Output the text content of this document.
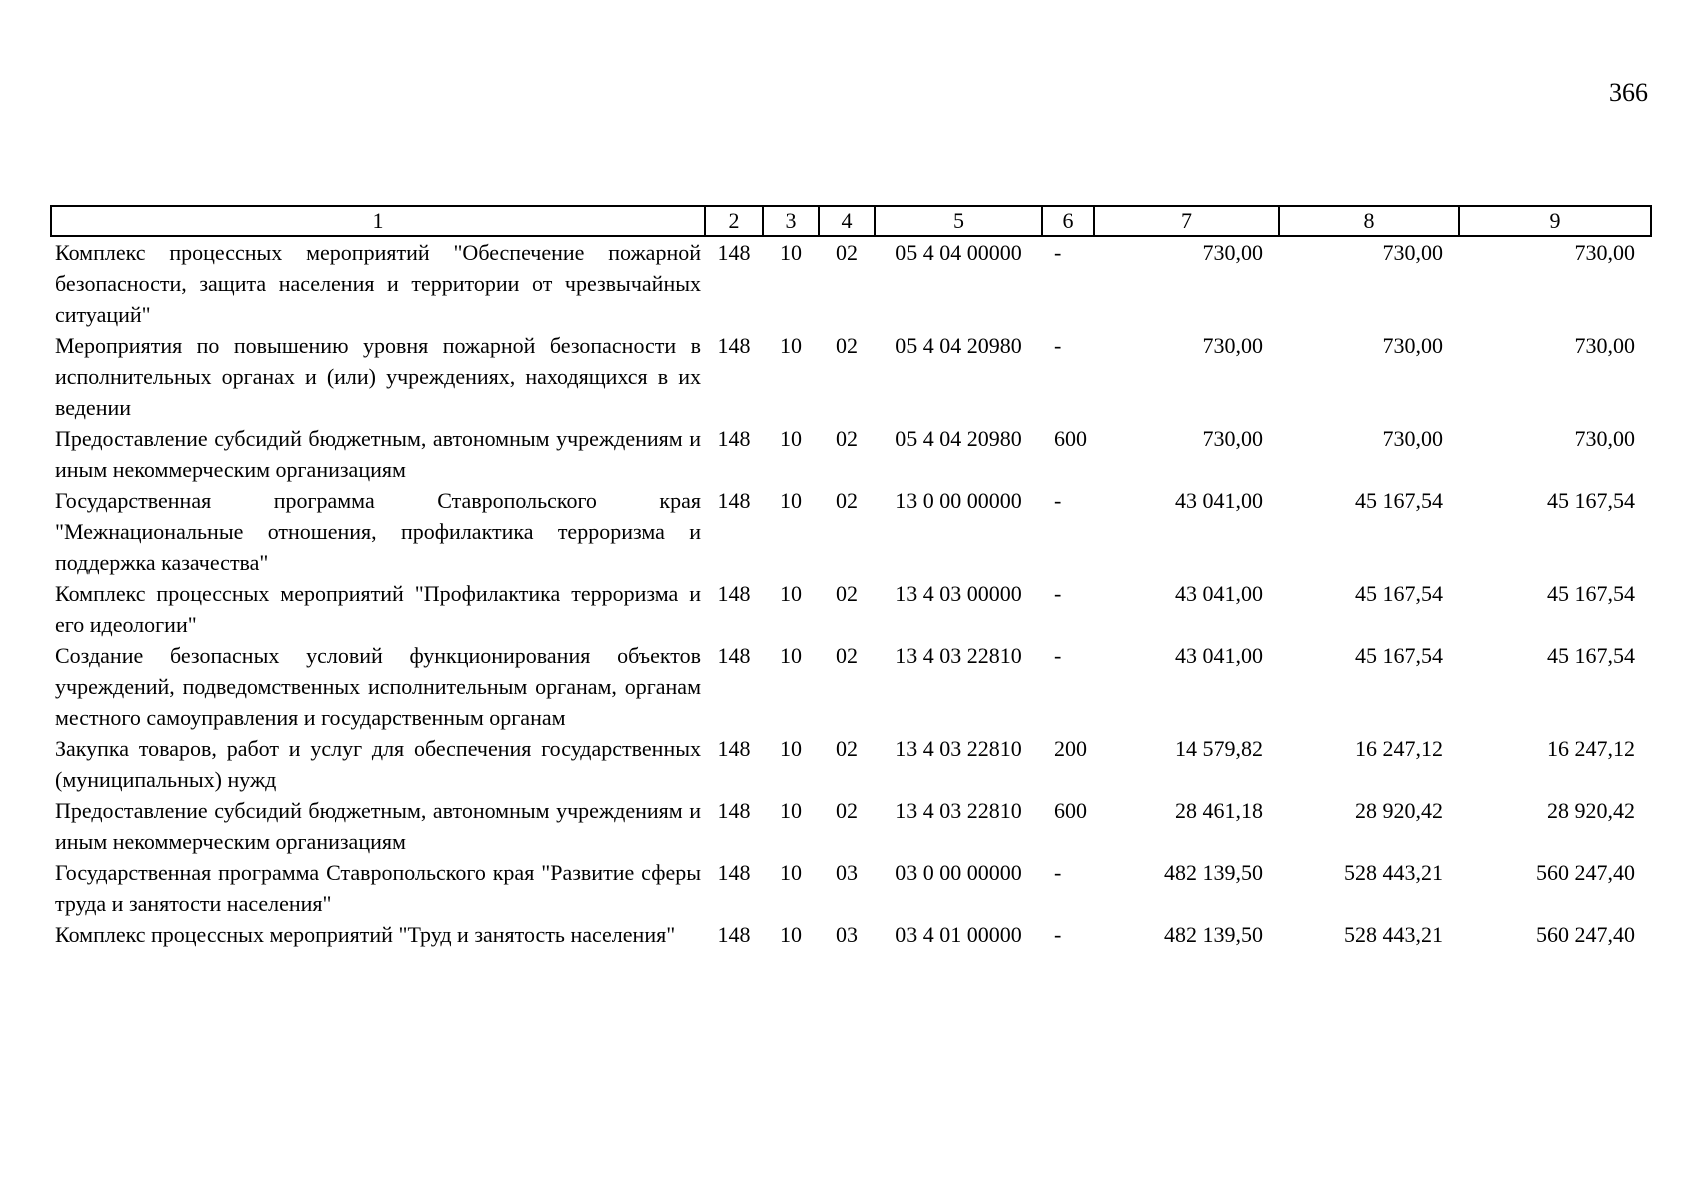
366
1	2	3	4	5	6	7	8	9
Комплекс процессных мероприятий "Обеспечение пожарной безопасности, защита населения и территории от чрезвычайных ситуаций"	148	10	02	05 4 04 00000	-	730,00	730,00	730,00
Мероприятия по повышению уровня пожарной безопасности в исполнительных органах и (или) учреждениях, находящихся в их ведении	148	10	02	05 4 04 20980	-	730,00	730,00	730,00
Предоставление субсидий бюджетным, автономным учреждениям и иным некоммерческим организациям	148	10	02	05 4 04 20980	600	730,00	730,00	730,00
Государственная программа Ставропольского края "Межнациональные отношения, профилактика терроризма и поддержка казачества"	148	10	02	13 0 00 00000	-	43 041,00	45 167,54	45 167,54
Комплекс процессных мероприятий "Профилактика терроризма и его идеологии"	148	10	02	13 4 03 00000	-	43 041,00	45 167,54	45 167,54
Создание безопасных условий функционирования объектов учреждений, подведомственных исполнительным органам, органам местного самоуправления и государственным органам	148	10	02	13 4 03 22810	-	43 041,00	45 167,54	45 167,54
Закупка товаров, работ и услуг для обеспечения государственных (муниципальных) нужд	148	10	02	13 4 03 22810	200	14 579,82	16 247,12	16 247,12
Предоставление субсидий бюджетным, автономным учреждениям и иным некоммерческим организациям	148	10	02	13 4 03 22810	600	28 461,18	28 920,42	28 920,42
Государственная программа Ставропольского края "Развитие сферы труда и занятости населения"	148	10	03	03 0 00 00000	-	482 139,50	528 443,21	560 247,40
Комплекс процессных мероприятий "Труд и занятость населения"	148	10	03	03 4 01 00000	-	482 139,50	528 443,21	560 247,40
